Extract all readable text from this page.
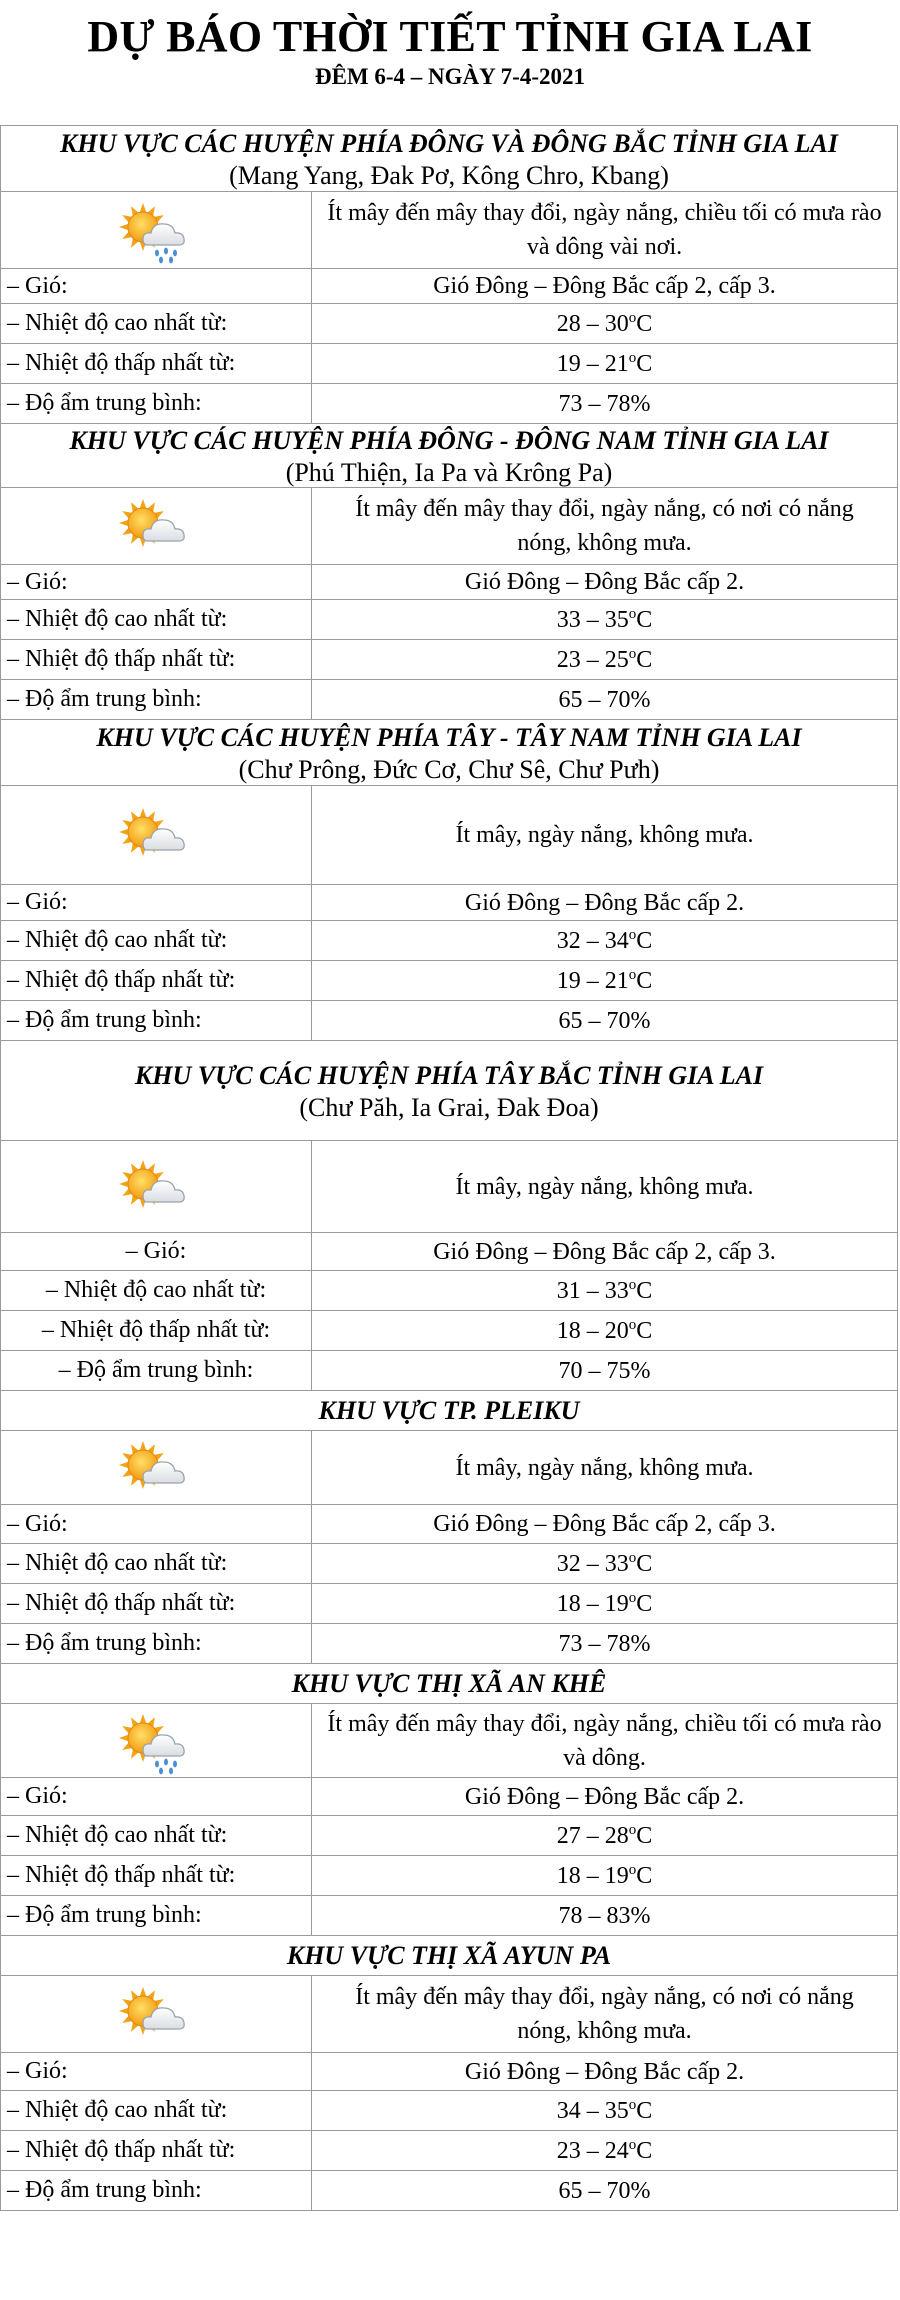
DỰ BÁO THỜI TIẾT TỈNH GIA LAI
ĐÊM 6-4 – NGÀY 7-4-2021
KHU VỰC CÁC HUYỆN PHÍA ĐÔNG VÀ ĐÔNG BẮC TỈNH GIA LAI
(Mang Yang, Đak Pơ, Kông Chro, Kbang)
Ít mây đến mây thay đổi, ngày nắng, chiều tối có mưa rào và dông vài nơi.
– Gió:	Gió Đông – Đông Bắc cấp 2, cấp 3.
– Nhiệt độ cao nhất từ:	28 – 30$^o$C
– Nhiệt độ thấp nhất từ:	19 – 21$^o$C
– Độ ẩm trung bình:	73 – 78%
KHU VỰC CÁC HUYỆN PHÍA ĐÔNG - ĐÔNG NAM TỈNH GIA LAI
(Phú Thiện, Ia Pa và Krông Pa)
Ít mây đến mây thay đổi, ngày nắng, có nơi có nắng nóng, không mưa.
– Gió:	Gió Đông – Đông Bắc cấp 2.
– Nhiệt độ cao nhất từ:	33 – 35$^o$C
– Nhiệt độ thấp nhất từ:	23 – 25$^o$C
– Độ ẩm trung bình:	65 – 70%
KHU VỰC CÁC HUYỆN PHÍA TÂY - TÂY NAM TỈNH GIA LAI
(Chư Prông, Đức Cơ, Chư Sê, Chư Pưh)
Ít mây, ngày nắng, không mưa.
– Gió:	Gió Đông – Đông Bắc cấp 2.
– Nhiệt độ cao nhất từ:	32 – 34$^o$C
– Nhiệt độ thấp nhất từ:	19 – 21$^o$C
– Độ ẩm trung bình:	65 – 70%
KHU VỰC CÁC HUYỆN PHÍA TÂY BẮC TỈNH GIA LAI
(Chư Păh, Ia Grai, Đak Đoa)
Ít mây, ngày nắng, không mưa.
– Gió:	Gió Đông – Đông Bắc cấp 2, cấp 3.
– Nhiệt độ cao nhất từ:	31 – 33$^o$C
– Nhiệt độ thấp nhất từ:	18 – 20$^o$C
– Độ ẩm trung bình:	70 – 75%
KHU VỰC TP. PLEIKU
Ít mây, ngày nắng, không mưa.
– Gió:	Gió Đông – Đông Bắc cấp 2, cấp 3.
– Nhiệt độ cao nhất từ:	32 – 33$^o$C
– Nhiệt độ thấp nhất từ:	18 – 19$^o$C
– Độ ẩm trung bình:	73 – 78%
KHU VỰC THỊ XÃ AN KHÊ
Ít mây đến mây thay đổi, ngày nắng, chiều tối có mưa rào và dông.
– Gió:	Gió Đông – Đông Bắc cấp 2.
– Nhiệt độ cao nhất từ:	27 – 28$^o$C
– Nhiệt độ thấp nhất từ:	18 – 19$^o$C
– Độ ẩm trung bình:	78 – 83%
KHU VỰC THỊ XÃ AYUN PA
Ít mây đến mây thay đổi, ngày nắng, có nơi có nắng nóng, không mưa.
– Gió:	Gió Đông – Đông Bắc cấp 2.
– Nhiệt độ cao nhất từ:	34 – 35$^o$C
– Nhiệt độ thấp nhất từ:	23 – 24$^o$C
– Độ ẩm trung bình:	65 – 70%
